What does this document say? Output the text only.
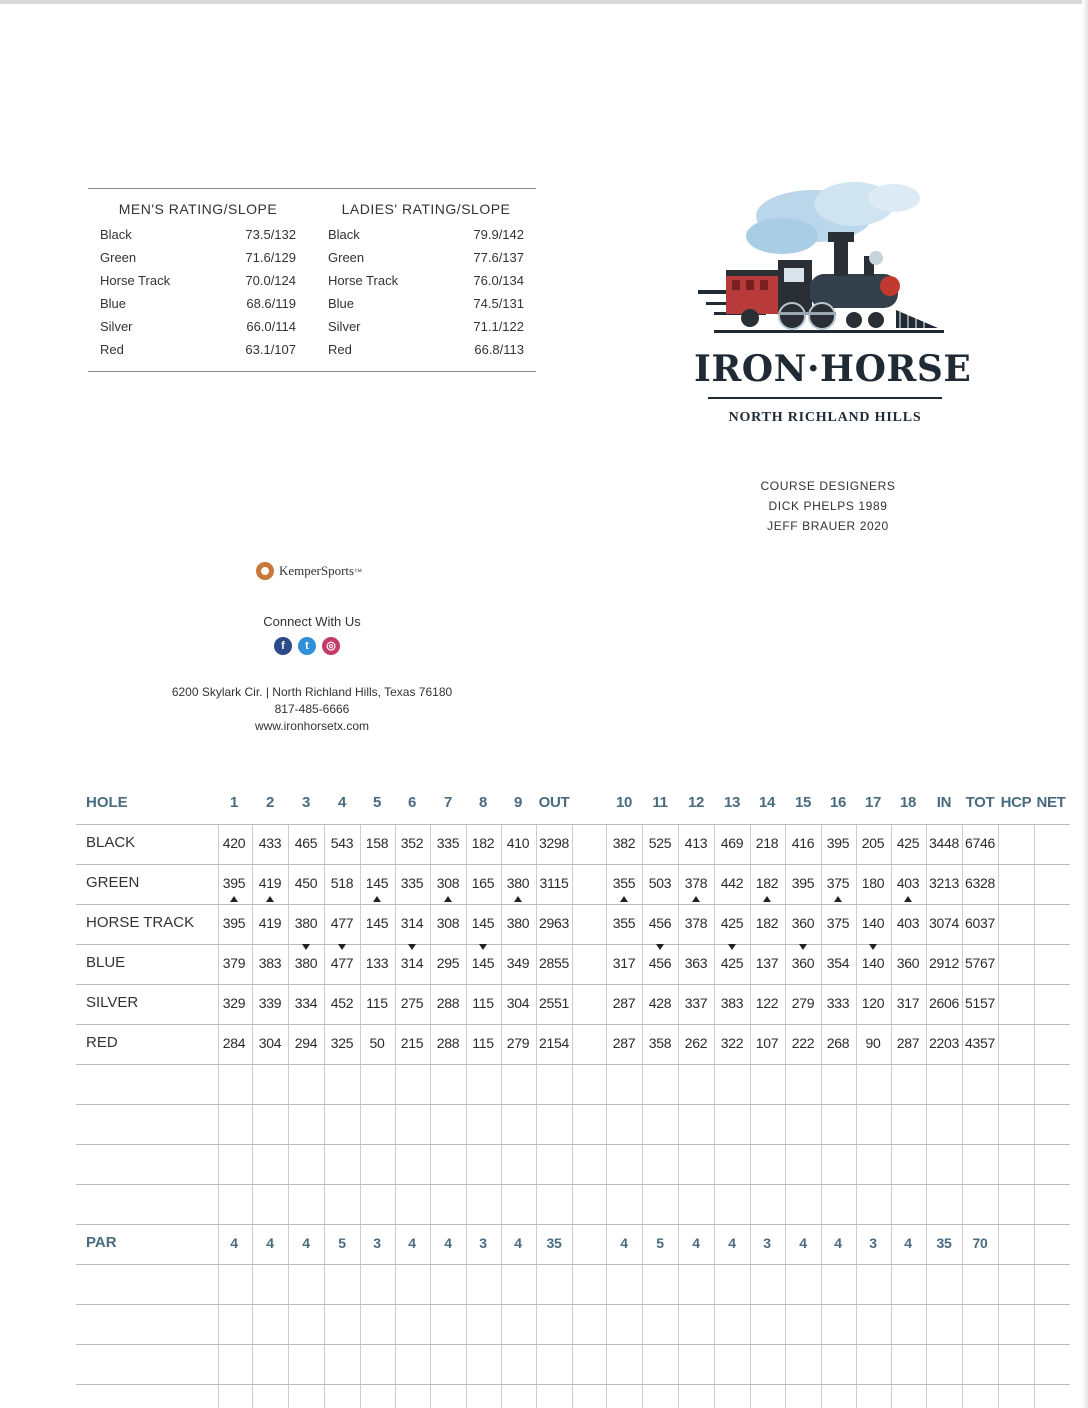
MEN'S RATING/SLOPE
Black	73.5/132
Green	71.6/129
Horse Track	70.0/124
Blue	68.6/119
Silver	66.0/114
Red	63.1/107
LADIES' RATING/SLOPE
Black	79.9/142
Green	77.6/137
Horse Track	76.0/134
Blue	74.5/131
Silver	71.1/122
Red	66.8/113	IRON·HORSE
NORTH RICHLAND HILLS
COURSE DESIGNERS
DICK PHELPS 1989
JEFF BRAUER 2020
KemperSports ™
Connect With Us
f	t	◎
6200 Skylark Cir. | North Richland Hills, Texas 76180
817-485-6666
www.ironhorsetx.com
HOLE	1	2	3	4	5	6	7	8	9	OUT	10	11	12	13	14	15	16	17	18	IN TOT HCP NET
BLACK	420 433 465 543 158 352 335 182 410 3298	382 525 413 469 218 416 395 205 425 3448 6746
GREEN	395 419 450 518 145 335 308 165 380 3115	355 503 378 442 182 395 375 180 403 3213 6328
HORSE TRACK	395 419 380 477 145 314 308 145 380 2963	355 456 378 425 182 360 375 140 403 3074 6037
BLUE	379 383 380 477 133 314 295 145 349 2855	317 456 363 425 137 360 354 140 360 2912 5767
SILVER	329 339 334 452 115 275 288 115 304 2551	287 428 337 383 122 279 333 120 317 2606 5157
RED	284 304 294 325	50	215 288 115 279 2154	287 358 262 322 107 222 268	90	287 2203 4357
PAR	4	4	4	5	3	4	4	3	4	35	4	5	4	4	3	4	4	3	4	35	70
